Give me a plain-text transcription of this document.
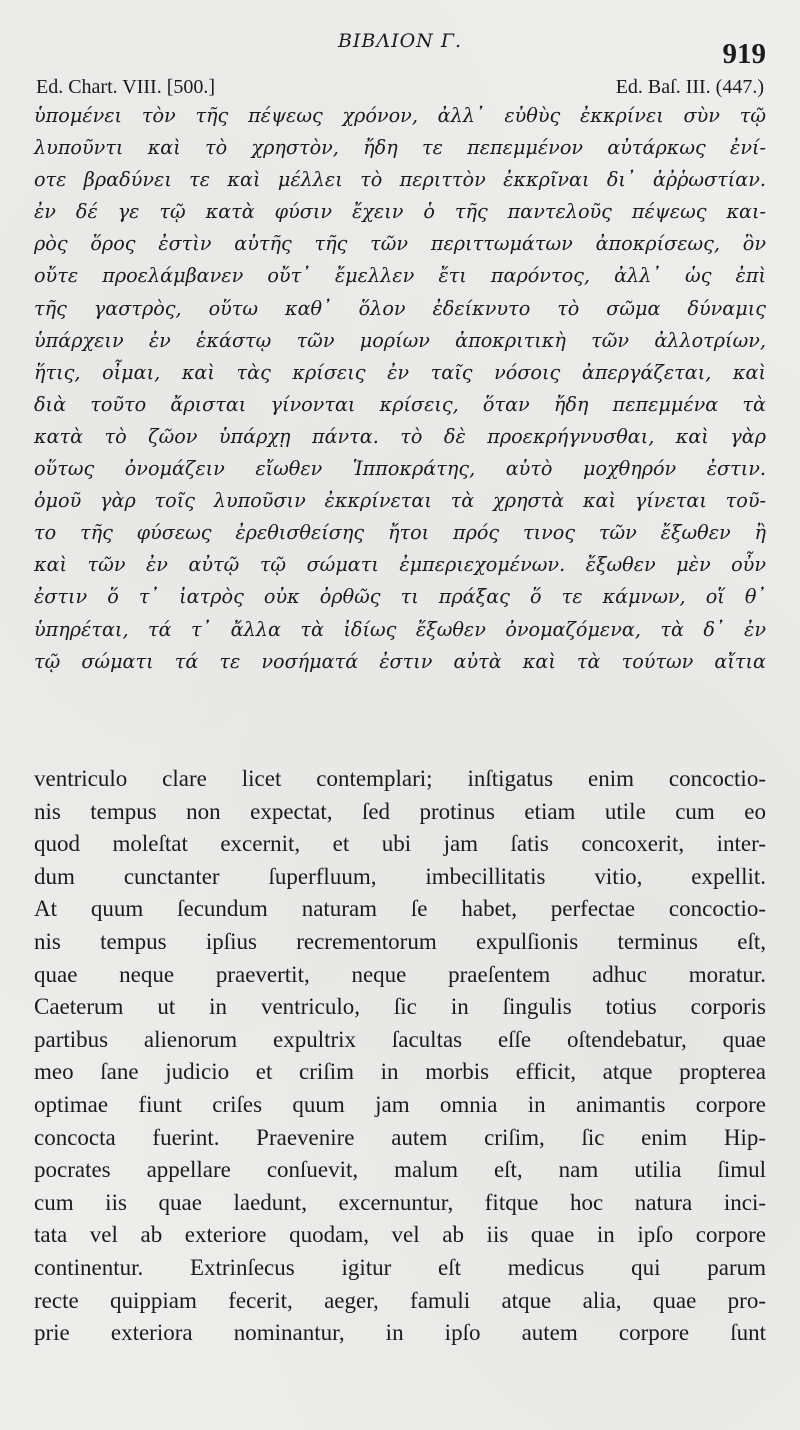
BIBΛΙΟΝ Γ.	919
Ed. Chart. VIII. [500.]	Ed. Baſ. III. (447.)
ὑπομένει τὸν τῆς πέψεως χρόνον, ἀλλ᾽ εὐθὺς ἐκκρίνει σὺν τῷ
λυποῦντι καὶ τὸ χρηστὸν, ἤδη τε πεπεμμένον αὐτάρκως ἐνί-
οτε βραδύνει τε καὶ μέλλει τὸ περιττὸν ἐκκρῖναι δι᾽ ἀῤῥωστίαν.
ἐν δέ γε τῷ κατὰ φύσιν ἔχειν ὁ τῆς παντελοῦς πέψεως και-
ρὸς ὅρος ἐστὶν αὐτῆς τῆς τῶν περιττωμάτων ἀποκρίσεως, ὃν
οὔτε προελάμβανεν οὔτ᾽ ἔμελλεν ἔτι παρόντος, ἀλλ᾽ ὡς ἐπὶ
τῆς γαστρὸς, οὕτω καθ᾽ ὅλον ἐδείκνυτο τὸ σῶμα δύναμις
ὑπάρχειν ἐν ἑκάστῳ τῶν μορίων ἀποκριτικὴ τῶν ἀλλοτρίων,
ἥτις, οἶμαι, καὶ τὰς κρίσεις ἐν ταῖς νόσοις ἀπεργάζεται, καὶ
διὰ τοῦτο ἄρισται γίνονται κρίσεις, ὅταν ἤδη πεπεμμένα τὰ
κατὰ τὸ ζῶον ὑπάρχῃ πάντα. τὸ δὲ προεκρήγνυσθαι, καὶ γὰρ
οὕτως ὀνομάζειν εἴωθεν Ἱπποκράτης, αὐτὸ μοχθηρόν ἐστιν.
ὁμοῦ γὰρ τοῖς λυποῦσιν ἐκκρίνεται τὰ χρηστὰ καὶ γίνεται τοῦ-
το τῆς φύσεως ἐρεθισθείσης ἤτοι πρός τινος τῶν ἔξωθεν ἢ
καὶ τῶν ἐν αὐτῷ τῷ σώματι ἐμπεριεχομένων. ἔξωθεν μὲν οὖν
ἐστιν ὅ τ᾽ ἰατρὸς οὐκ ὀρθῶς τι πράξας ὅ τε κάμνων, οἵ θ᾽
ὑπηρέται, τά τ᾽ ἄλλα τὰ ἰδίως ἔξωθεν ὀνομαζόμενα, τὰ δ᾽ ἐν
τῷ σώματι τά τε νοσήματά ἐστιν αὐτὰ καὶ τὰ τούτων αἴτια
ventriculo clare licet contemplari; inſtigatus enim concoctio-
nis tempus non expectat, ſed protinus etiam utile cum eo
quod moleſtat excernit, et ubi jam ſatis concoxerit, inter-
dum cunctanter ſuperfluum, imbecillitatis vitio, expellit.
At quum ſecundum naturam ſe habet, perfectae concoctio-
nis tempus ipſius recrementorum expulſionis terminus eſt,
quae neque praevertit, neque praeſentem adhuc moratur.
Caeterum ut in ventriculo, ſic in ſingulis totius corporis
partibus alienorum expultrix ſacultas eſſe oſtendebatur, quae
meo ſane judicio et criſim in morbis efficit, atque propterea
optimae fiunt criſes quum jam omnia in animantis corpore
concocta fuerint. Praevenire autem criſim, ſic enim Hip-
pocrates appellare conſuevit, malum eſt, nam utilia ſimul
cum iis quae laedunt, excernuntur, fitque hoc natura inci-
tata vel ab exteriore quodam, vel ab iis quae in ipſo corpore
continentur. Extrinſecus igitur eſt medicus qui parum
recte quippiam fecerit, aeger, famuli atque alia, quae pro-
prie exteriora nominantur, in ipſo autem corpore ſunt
